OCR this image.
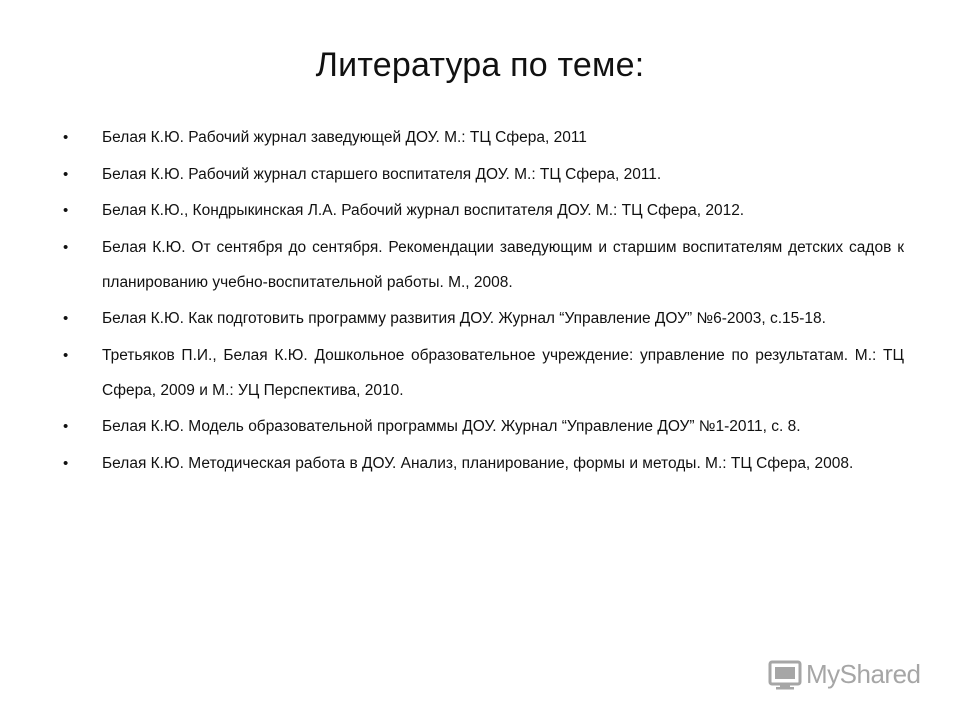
Литература по теме:
• Белая К.Ю. Рабочий журнал заведующей ДОУ. М.: ТЦ Сфера, 2011
• Белая К.Ю. Рабочий журнал старшего воспитателя ДОУ. М.: ТЦ Сфера, 2011.
• Белая К.Ю., Кондрыкинская Л.А. Рабочий журнал воспитателя ДОУ. М.: ТЦ Сфера, 2012.
• Белая К.Ю. От сентября до сентября. Рекомендации заведующим и старшим воспитателям детских садов к планированию учебно-воспитательной работы. М., 2008.
• Белая К.Ю. Как подготовить программу развития ДОУ. Журнал “Управление ДОУ” №6-2003, с.15-18.
• Третьяков П.И., Белая К.Ю. Дошкольное образовательное учреждение: управление по результатам. М.: ТЦ Сфера, 2009 и М.: УЦ Перспектива, 2010.
• Белая К.Ю. Модель образовательной программы ДОУ. Журнал “Управление ДОУ” №1-2011, с. 8.
• Белая К.Ю. Методическая работа в ДОУ. Анализ, планирование, формы и методы. М.: ТЦ Сфера, 2008.
MyShared
